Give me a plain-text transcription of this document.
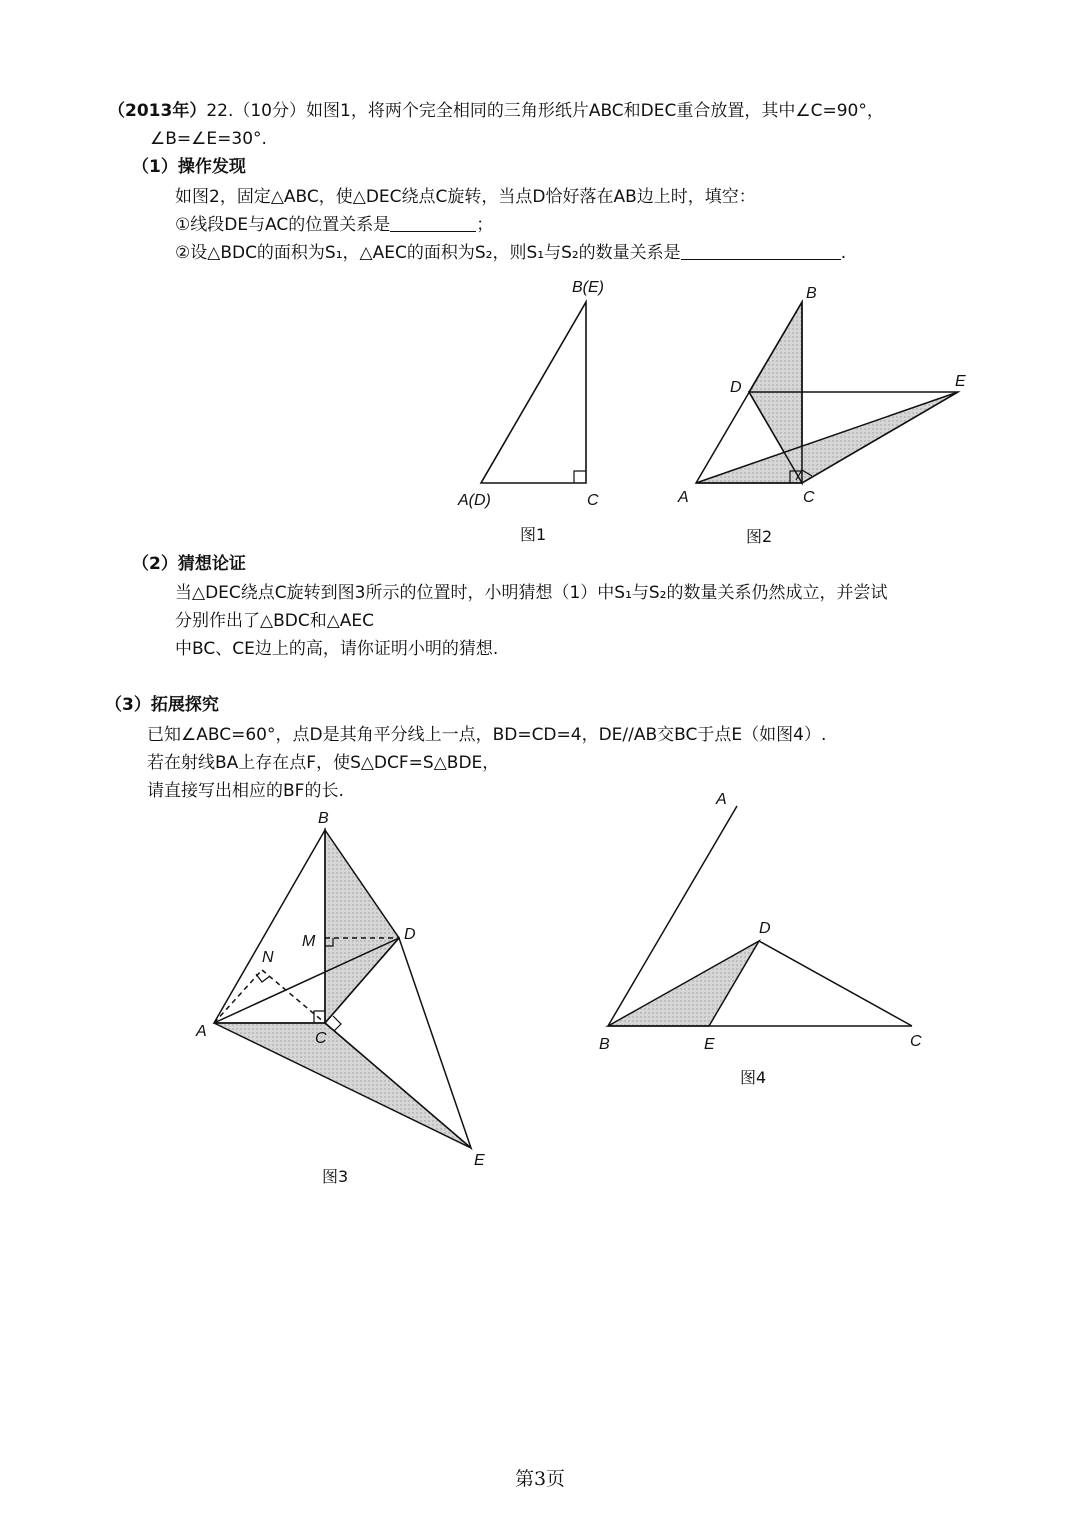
（2013年）22.（10分）如图1，将两个完全相同的三角形纸片ABC和DEC重合放置，其中∠C=90°，
∠B=∠E=30°.
（1）操作发现
如图2，固定△ABC，使△DEC绕点C旋转，当点D恰好落在AB边上时，填空：
①线段DE与AC的位置关系是	；
②设△BDC的面积为S₁，△AEC的面积为S₂，则S₁与S₂的数量关系是	.
（2）猜想论证
当△DEC绕点C旋转到图3所示的位置时，小明猜想（1）中S₁与S₂的数量关系仍然成立，并尝试
分别作出了△BDC和△AEC
中BC、CE边上的高，请你证明小明的猜想.
（3）拓展探究
已知∠ABC=60°，点D是其角平分线上一点，BD=CD=4，DE//AB交BC于点E（如图4）.
若在射线BA上存在点F，使S△DCF=S△BDE，
请直接写出相应的BF的长.
B(E)
A(D)	C
图1
B
D	E
A	C
图2
B
M	D
N
A	C
E
图3
A
D
B	E	C
图4
第3页
